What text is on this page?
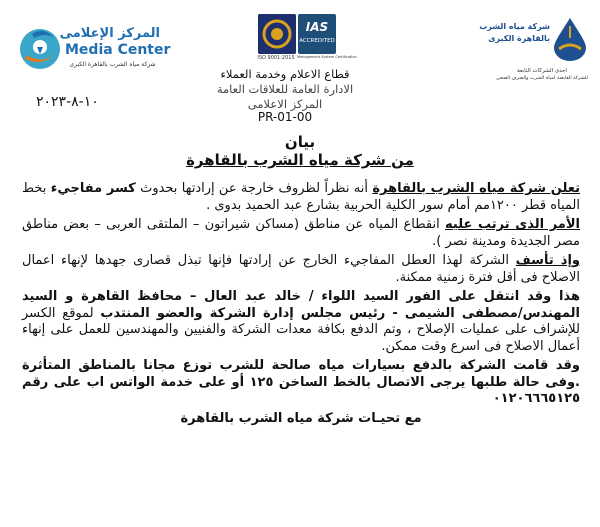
المركز الإعلامى
Media Center
شركة مياه الشرب بالقاهرة الكبرى
ISO 9001:2015
IAS
ACCREDITED
Management System Certification
شركة مياه الشرب
بالقاهرة الكبرى
احدى الشركات التابعة
للشركة القابضة لمياه الشرب والصرف الصحى
قطاع الاعلام وخدمة العملاء
الادارة العامة للعلاقات العامة
المركز الاعلامى
PR-01-00
١٠-٨-٢٠٢٣
بيان
من شركة مياه الشرب بالقاهرة

تعلن شركة مياه الشرب بالقاهرة أنه نظراً لظروف خارجة عن إرادتها بحدوث كسر مفاجيء بخط المياه قطر ١٢٠٠مم أمام سور الكلية الحربية بشارع عبد الحميد بدوى .

الأمر الذى ترتب عليه انقطاع المياه عن مناطق (مساكن شيراتون – الملتقى العربى – بعض مناطق مصر الجديدة ومدينة نصر ).

وإذ تأسف الشركة لهذا العطل المفاجيء الخارج عن إرادتها فإنها تبذل قصارى جهدها لإنهاء اعمال الاصلاح فى أقل فترة زمنية ممكنة.

هذا وقد انتقل على الفور السيد اللواء / خالد عبد العال – محافظ القاهرة و السيد المهندس/مصطفى الشيمى - رئيس مجلس إدارة الشركة والعضو المنتدب لموقع الكسر للإشراف على عمليات الإصلاح ، وتم الدفع بكافة معدات الشركة والفنيين والمهندسين للعمل على إنهاء أعمال الاصلاح فى اسرع وقت ممكن.

وقد قامت الشركة بالدفع بسيارات مياه صالحة للشرب توزع مجانا بالمناطق المتأثرة .وفى حالة طلبها يرجى الاتصال بالخط الساخن ١٢٥ أو على خدمة الواتس اب على رقم ٠١٢٠٦٦٦٥١٢٥

مع تحيـات شركة مياه الشرب بالقاهرة
